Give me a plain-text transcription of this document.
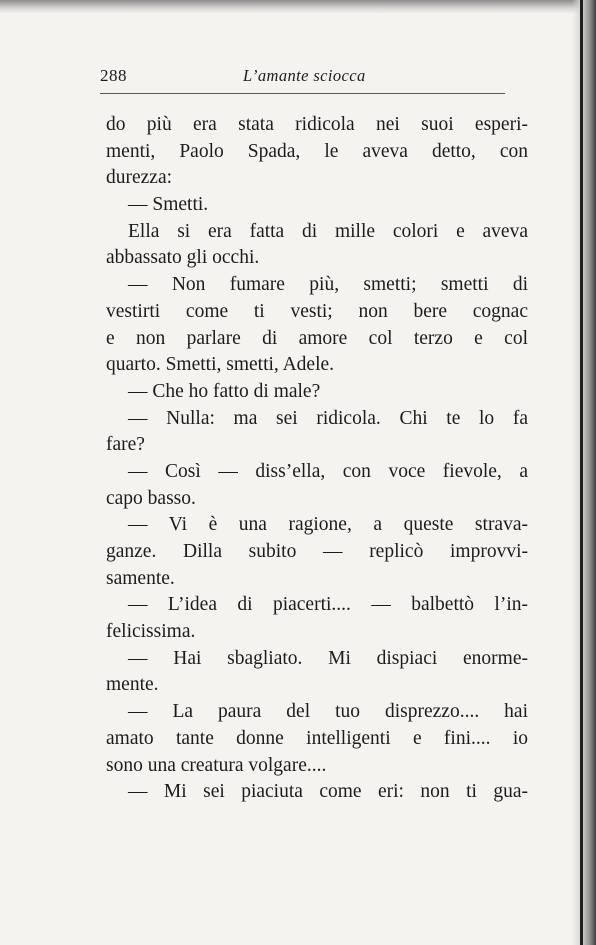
288	L’amante sciocca
do più era stata ridicola nei suoi esperi-
menti, Paolo Spada, le aveva detto, con
durezza:
— Smetti.
Ella si era fatta di mille colori e aveva
abbassato gli occhi.
— Non fumare più, smetti; smetti di
vestirti come ti vesti; non bere cognac
e non parlare di amore col terzo e col
quarto. Smetti, smetti, Adele.
— Che ho fatto di male?
— Nulla: ma sei ridicola. Chi te lo fa
fare?
— Così — diss’ella, con voce fievole, a
capo basso.
— Vi è una ragione, a queste strava-
ganze. Dilla subito — replicò improvvi-
samente.
— L’idea di piacerti.... — balbettò l’in-
felicissima.
— Hai sbagliato. Mi dispiaci enorme-
mente.
— La paura del tuo disprezzo.... hai
amato tante donne intelligenti e fini.... io
sono una creatura volgare....
— Mi sei piaciuta come eri: non ti gua-
